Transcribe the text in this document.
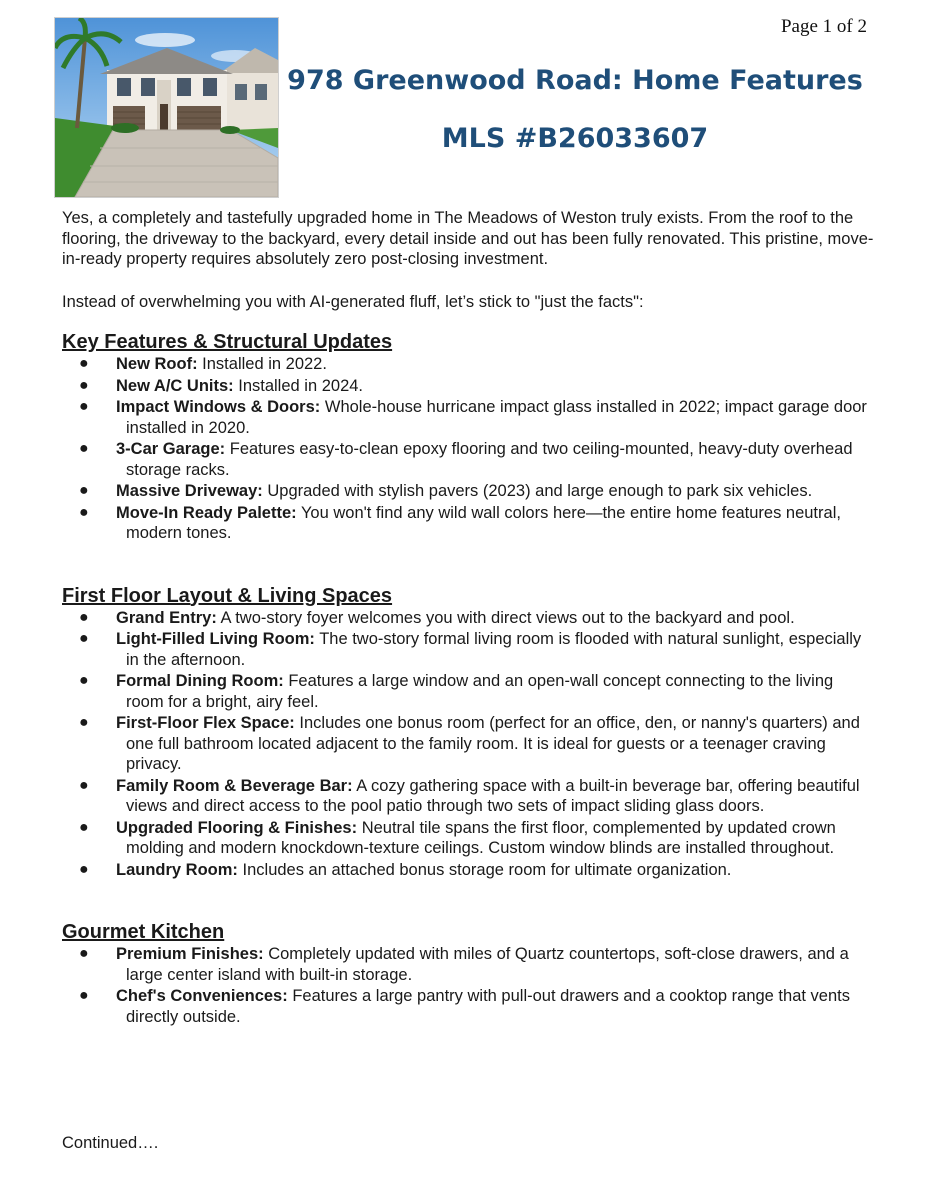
Page 1 of 2
978 Greenwood Road: Home Features
MLS #B26033607

Yes, a completely and tastefully upgraded home in The Meadows of Weston truly exists. From the roof to the flooring, the driveway to the backyard, every detail inside and out has been fully renovated. This pristine, move-in-ready property requires absolutely zero post-closing investment.

Instead of overwhelming you with AI-generated fluff, let’s stick to "just the facts":

Key Features & Structural Updates
● New Roof: Installed in 2022.
● New A/C Units: Installed in 2024.
● Impact Windows & Doors: Whole-house hurricane impact glass installed in 2022; impact garage door installed in 2020.
● 3-Car Garage: Features easy-to-clean epoxy flooring and two ceiling-mounted, heavy-duty overhead storage racks.
● Massive Driveway: Upgraded with stylish pavers (2023) and large enough to park six vehicles.
● Move-In Ready Palette: You won't find any wild wall colors here—the entire home features neutral, modern tones.
First Floor Layout & Living Spaces
● Grand Entry: A two-story foyer welcomes you with direct views out to the backyard and pool.
● Light-Filled Living Room: The two-story formal living room is flooded with natural sunlight, especially in the afternoon.
● Formal Dining Room: Features a large window and an open-wall concept connecting to the living room for a bright, airy feel.
● First-Floor Flex Space: Includes one bonus room (perfect for an office, den, or nanny's quarters) and one full bathroom located adjacent to the family room. It is ideal for guests or a teenager craving privacy.
● Family Room & Beverage Bar: A cozy gathering space with a built-in beverage bar, offering beautiful views and direct access to the pool patio through two sets of impact sliding glass doors.
● Upgraded Flooring & Finishes: Neutral tile spans the first floor, complemented by updated crown molding and modern knockdown-texture ceilings. Custom window blinds are installed throughout.
● Laundry Room: Includes an attached bonus storage room for ultimate organization.
Gourmet Kitchen
● Premium Finishes: Completely updated with miles of Quartz countertops, soft-close drawers, and a large center island with built-in storage.
● Chef's Conveniences: Features a large pantry with pull-out drawers and a cooktop range that vents directly outside.
Continued….
